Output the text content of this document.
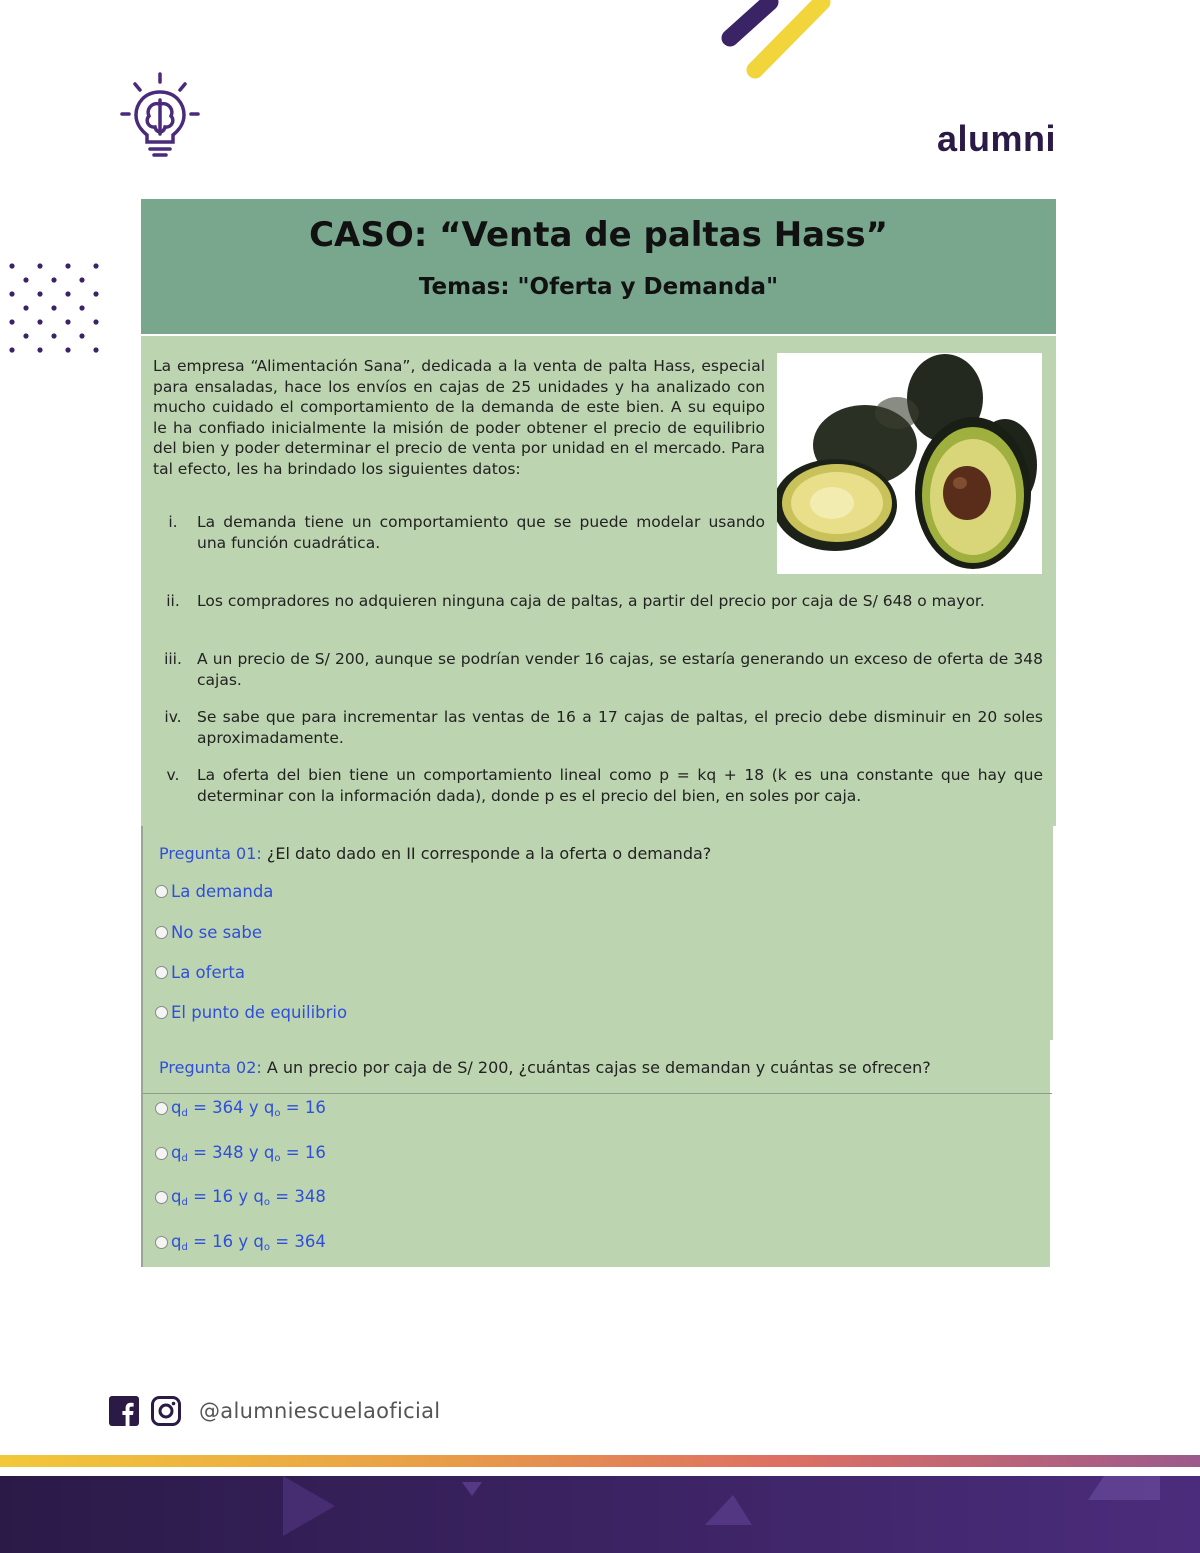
alumni
CASO: “Venta de paltas Hass”
Temas: "Oferta y Demanda"

La empresa “Alimentación Sana”, dedicada a la venta de palta Hass, especial para ensaladas, hace los envíos en cajas de 25 unidades y ha analizado con mucho cuidado el comportamiento de la demanda de este bien. A su equipo le ha confiado inicialmente la misión de poder obtener el precio de equilibrio del bien y poder determinar el precio de venta por unidad en el mercado. Para tal efecto, les ha brindado los siguientes datos:

i.	La demanda tiene un comportamiento que se puede modelar usando una función cuadrática.
ii.	Los compradores no adquieren ninguna caja de paltas, a partir del precio por caja de S/ 648 o mayor.
iii. A un precio de S/ 200, aunque se podrían vender 16 cajas, se estaría generando un exceso de oferta de 348 cajas.
iv. Se sabe que para incrementar las ventas de 16 a 17 cajas de paltas, el precio debe disminuir en 20 soles aproximadamente.
v.	La oferta del bien tiene un comportamiento lineal como p = kq + 18 (k es una constante que hay que determinar con la información dada), donde p es el precio del bien, en soles por caja.
Pregunta 01: ¿El dato dado en II corresponde a la oferta o demanda?
La demanda
No se sabe
La oferta
El punto de equilibrio
Pregunta 02: A un precio por caja de S/ 200, ¿cuántas cajas se demandan y cuántas se ofrecen?
$q_d = 364$ y $q_o = 16$
$q_d = 348$ y $q_o = 16$
$q_d = 16$ y $q_o = 348$
$q_d = 16$ y $q_o = 364$
@alumniescuelaoficial
